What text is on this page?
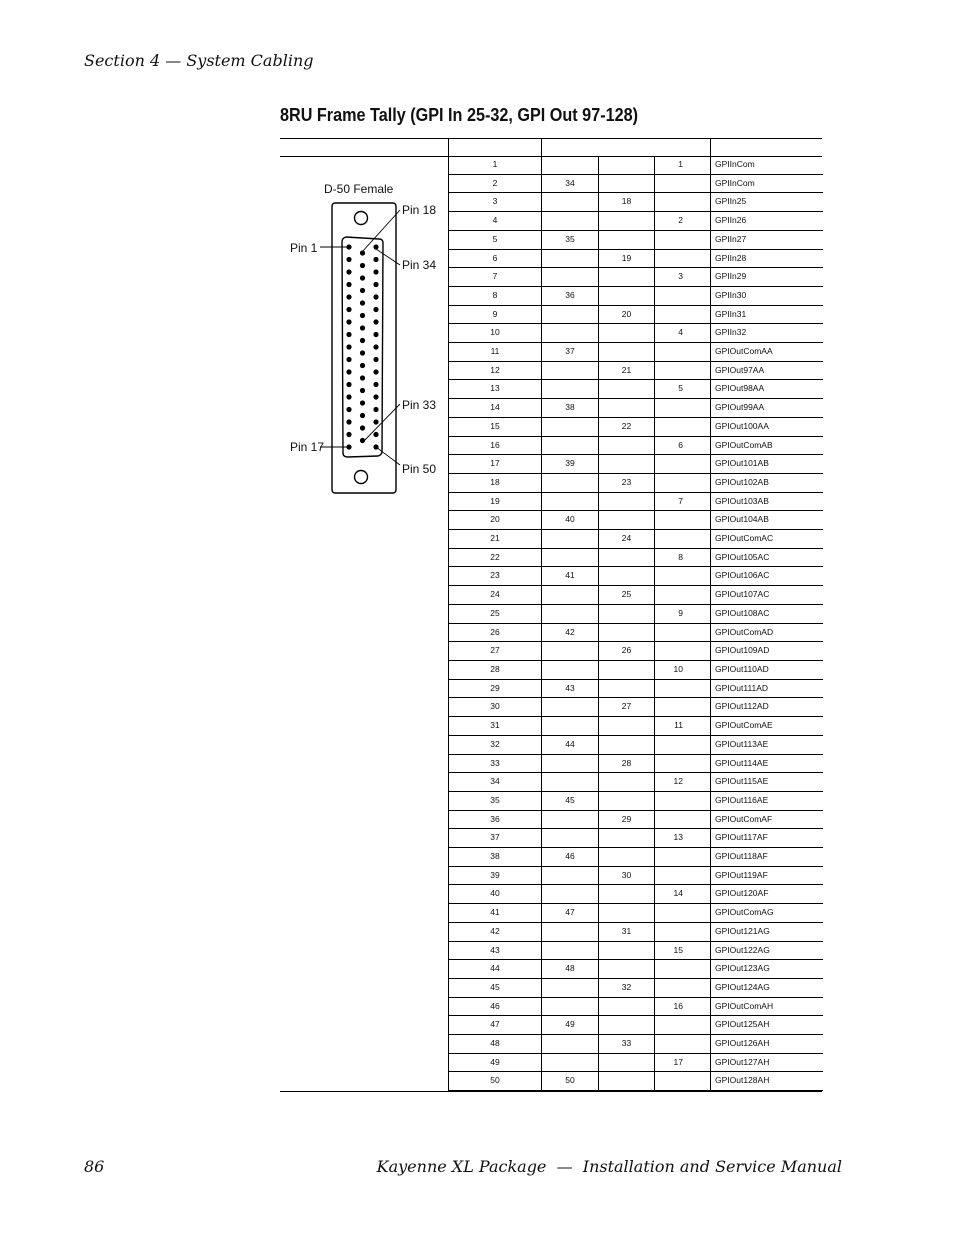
Section 4 — System Cabling
8RU Frame Tally (GPI In 25-32, GPI Out 97-128)
D-50 Female
Pin 1
Pin 18
Pin 34
Pin 33
Pin 17
Pin 50
1			1	GPIInCom
2	34			GPIInCom
3		18		GPIIn25
4			2	GPIIn26
5	35			GPIIn27
6		19		GPIIn28
7			3	GPIIn29
8	36			GPIIn30
9		20		GPIIn31
10			4	GPIIn32
11	37			GPIOutComAA
12		21		GPIOut97AA
13			5	GPIOut98AA
14	38			GPIOut99AA
15		22		GPIOut100AA
16			6	GPIOutComAB
17	39			GPIOut101AB
18		23		GPIOut102AB
19			7	GPIOut103AB
20	40			GPIOut104AB
21		24		GPIOutComAC
22			8	GPIOut105AC
23	41			GPIOut106AC
24		25		GPIOut107AC
25			9	GPIOut108AC
26	42			GPIOutComAD
27		26		GPIOut109AD
28			10	GPIOut110AD
29	43			GPIOut111AD
30		27		GPIOut112AD
31			11	GPIOutComAE
32	44			GPIOut113AE
33		28		GPIOut114AE
34			12	GPIOut115AE
35	45			GPIOut116AE
36		29		GPIOutComAF
37			13	GPIOut117AF
38	46			GPIOut118AF
39		30		GPIOut119AF
40			14	GPIOut120AF
41	47			GPIOutComAG
42		31		GPIOut121AG
43			15	GPIOut122AG
44	48			GPIOut123AG
45		32		GPIOut124AG
46			16	GPIOutComAH
47	49			GPIOut125AH
48		33		GPIOut126AH
49			17	GPIOut127AH
50	50			GPIOut128AH
86	Kayenne XL Package  —  Installation and Service Manual
